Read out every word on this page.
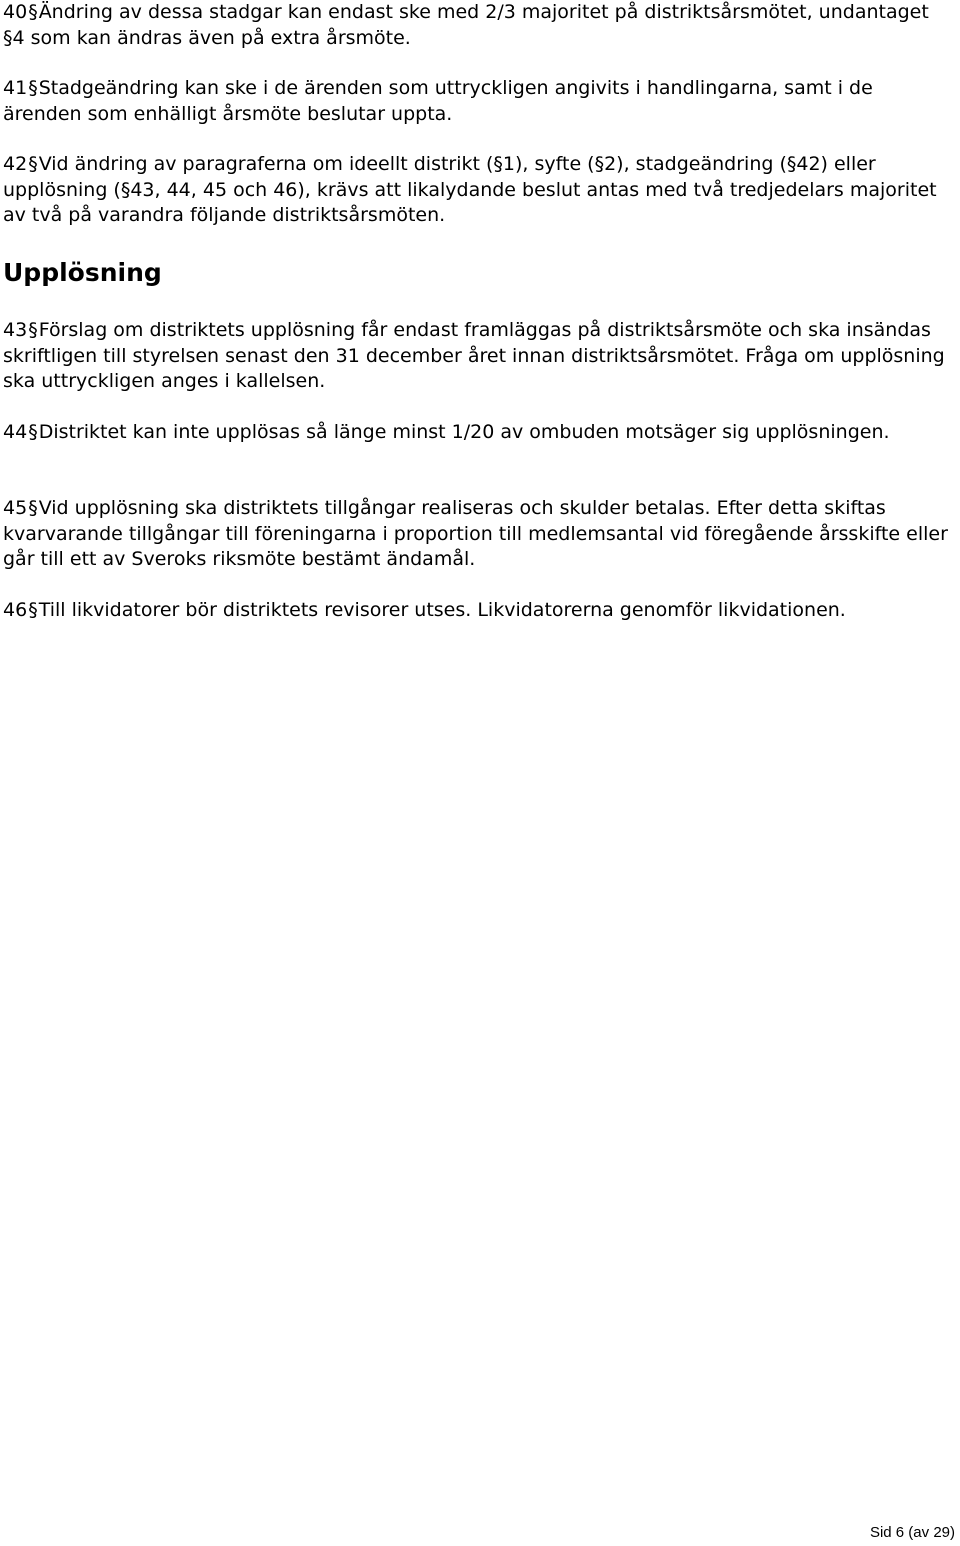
40§Ändring av dessa stadgar kan endast ske med 2/3 majoritet på distriktsårsmötet, undantaget §4 som kan ändras även på extra årsmöte.

41§Stadgeändring kan ske i de ärenden som uttryckligen angivits i handlingarna, samt i de ärenden som enhälligt årsmöte beslutar uppta.

42§Vid ändring av paragraferna om ideellt distrikt (§1), syfte (§2), stadgeändring (§42) eller upplösning (§43, 44, 45 och 46), krävs att likalydande beslut antas med två tredjedelars majoritet av två på varandra följande distriktsårsmöten.

Upplösning

43§Förslag om distriktets upplösning får endast framläggas på distriktsårsmöte och ska insändas skriftligen till styrelsen senast den 31 december året innan distriktsårsmötet. Fråga om upplösning ska uttryckligen anges i kallelsen.

44§Distriktet kan inte upplösas så länge minst 1/20 av ombuden motsäger sig upplösningen.

45§Vid upplösning ska distriktets tillgångar realiseras och skulder betalas. Efter detta skiftas kvarvarande tillgångar till föreningarna i proportion till medlemsantal vid föregående årsskifte eller går till ett av Sveroks riksmöte bestämt ändamål.

46§Till likvidatorer bör distriktets revisorer utses. Likvidatorerna genomför likvidationen.

Sid 6 (av 29)
